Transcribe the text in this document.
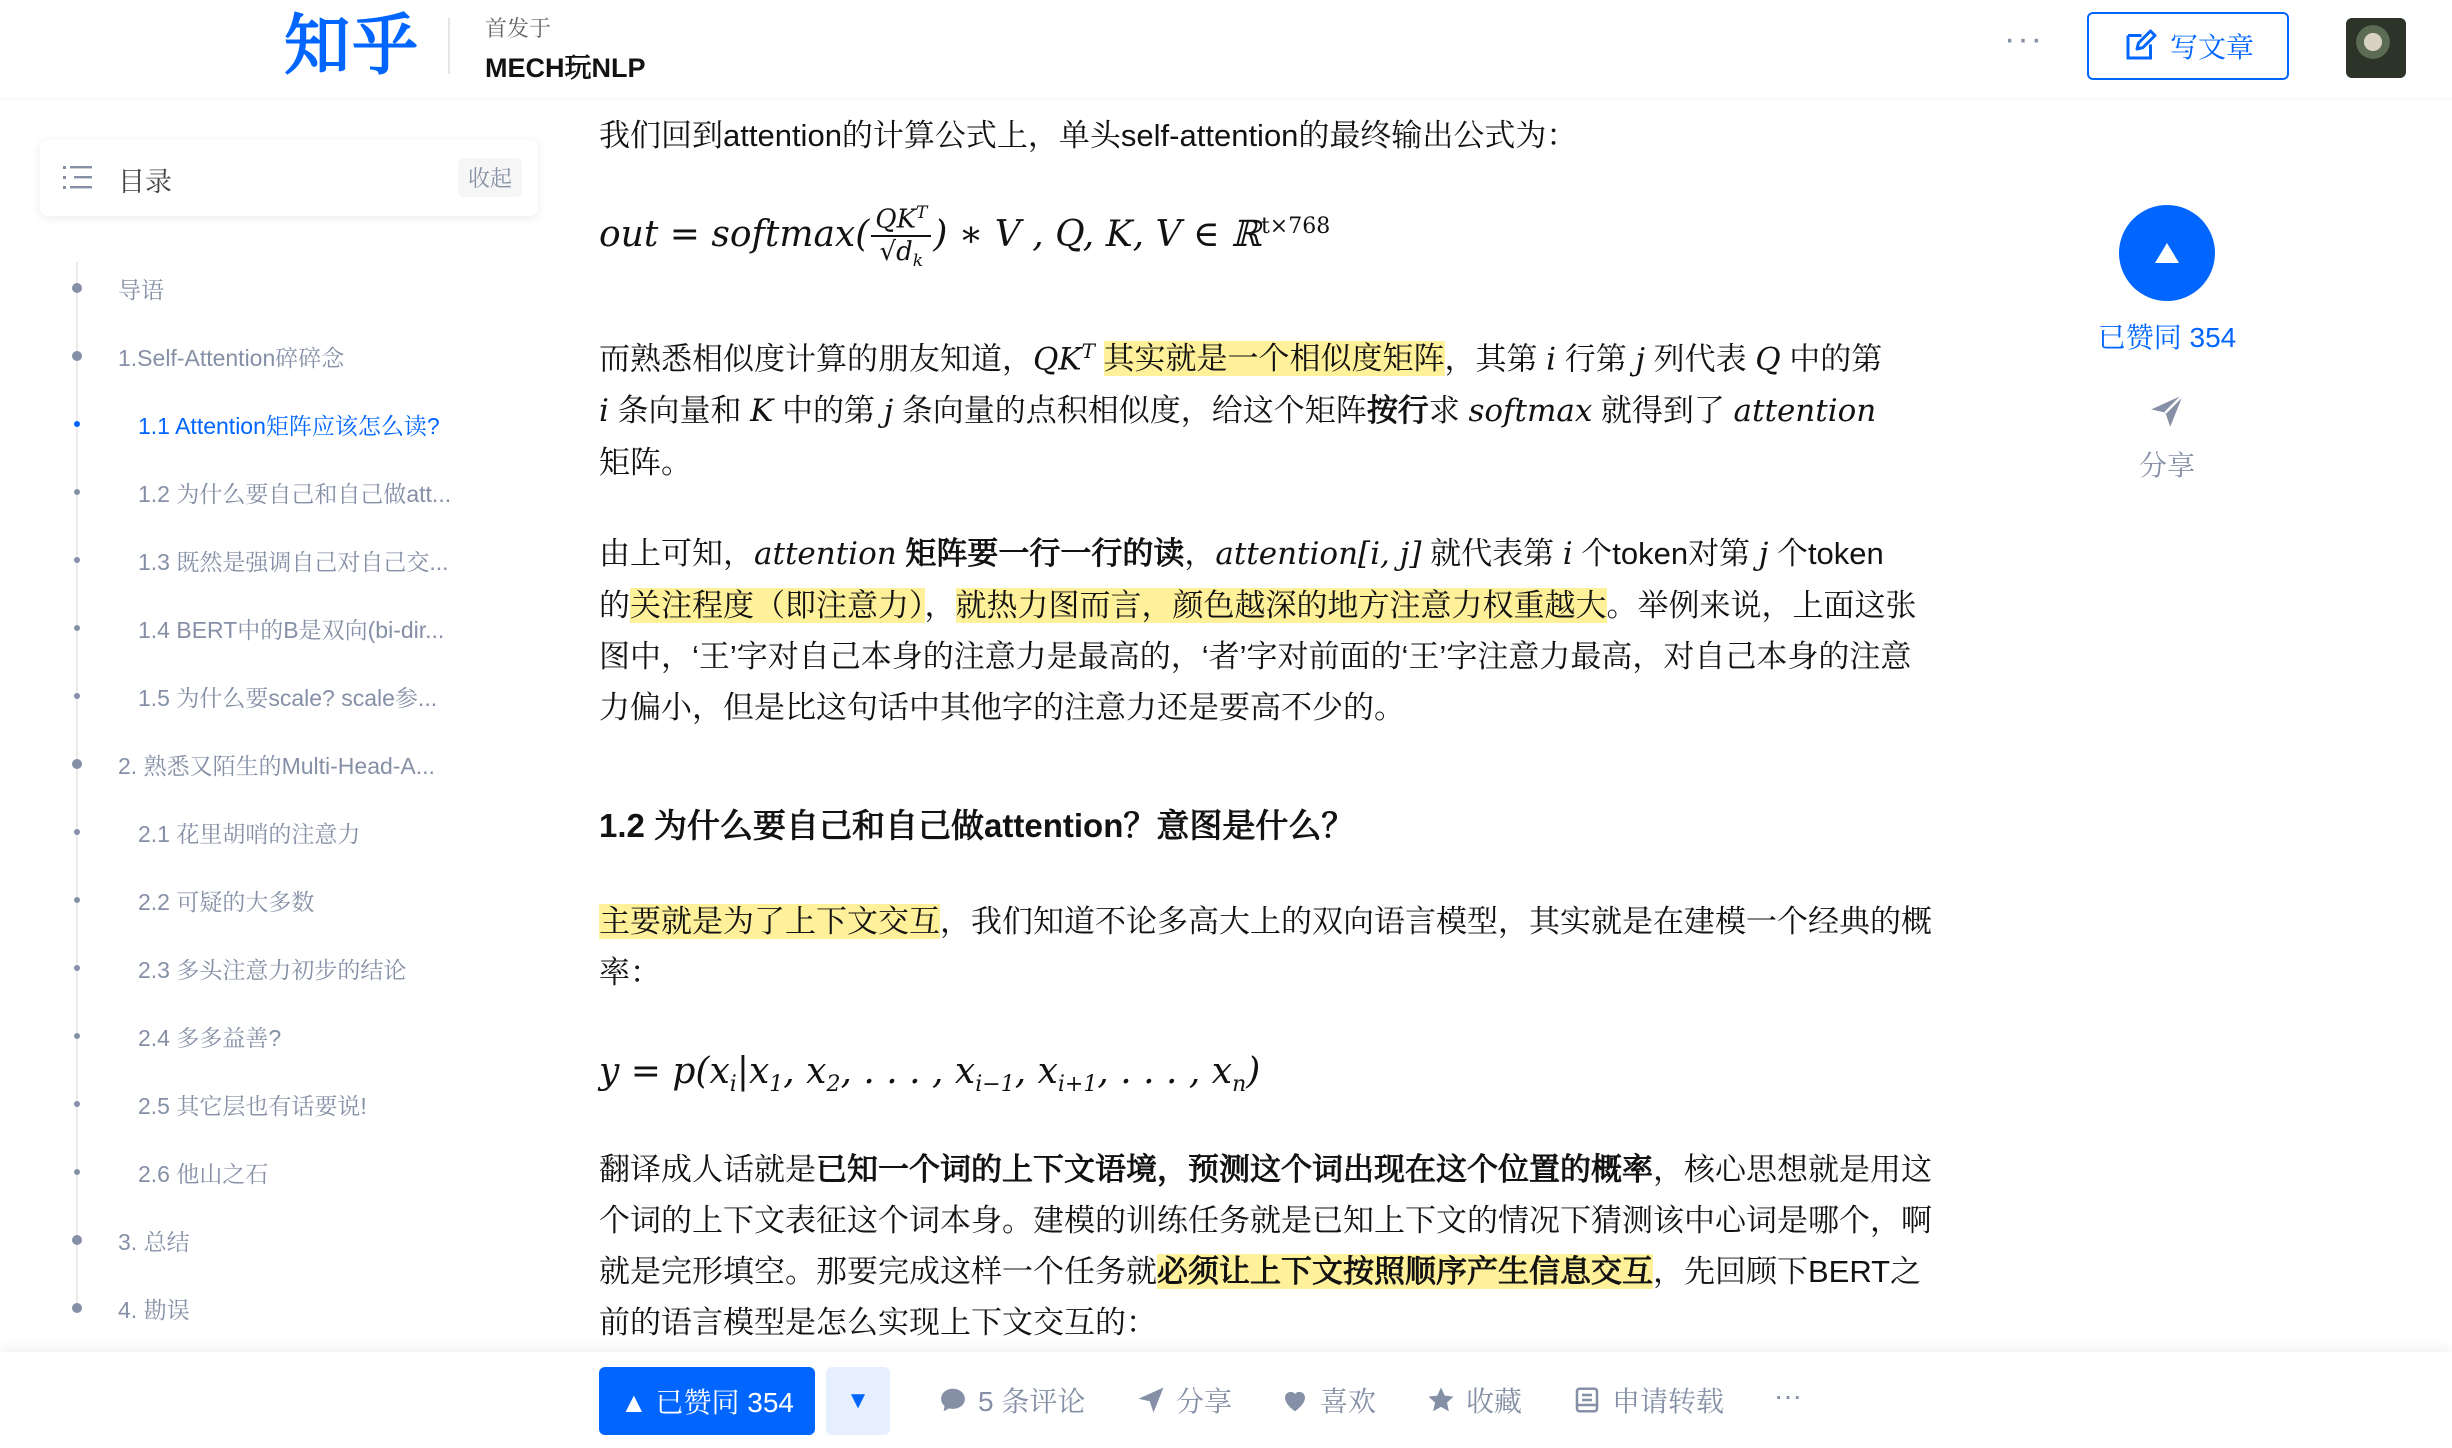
知乎	首发于
MECH玩NLP
···	写文章
目录	收起
导语
1.Self-Attention碎碎念
1.1 Attention矩阵应该怎么读?
1.2 为什么要自己和自己做att...
1.3 既然是强调自己对自己交...
1.4 BERT中的B是双向(bi-dir...
1.5 为什么要scale? scale参...
2. 熟悉又陌生的Multi-Head-A...
2.1 花里胡哨的注意力
2.2 可疑的大多数
2.3 多头注意力初步的结论
2.4 多多益善?
2.5 其它层也有话要说!
2.6 他山之石
3. 总结
4. 勘误
我们回到attention的计算公式上，单头self-attention的最终输出公式为：
out = softmax( $QK^T$
$√d_k$
) ∗ V , Q, K, V ∈ ℝ$^{t\times 768}$
而熟悉相似度计算的朋友知道，$QK^T$ 其实就是一个相似度矩阵，其第 i 行第 j 列代表 Q 中的第
i 条向量和 K 中的第 j 条向量的点积相似度，给这个矩阵按行求 softmax 就得到了 attention
矩阵。
由上可知，attention 矩阵要一行一行的读，attention[i, j] 就代表第 i 个token对第 j 个token
的关注程度（即注意力），就热力图而言，颜色越深的地方注意力权重越大。举例来说，上面这张
图中，‘王’字对自己本身的注意力是最高的，‘者’字对前面的‘王’字注意力最高，对自己本身的注意
力偏小，但是比这句话中其他字的注意力还是要高不少的。
1.2 为什么要自己和自己做attention？意图是什么？
主要就是为了上下文交互，我们知道不论多高大上的双向语言模型，其实就是在建模一个经典的概
率：
$y = p(x_i|x_1$, $x_2$, . . . , $x_{i-1}$, $x_{i+1}$, . . . , $x_n$)
翻译成人话就是已知一个词的上下文语境，预测这个词出现在这个位置的概率，核心思想就是用这
个词的上下文表征这个词本身。建模的训练任务就是已知上下文的情况下猜测该中心词是哪个，啊
就是完形填空。那要完成这样一个任务就必须让上下文按照顺序产生信息交互，先回顾下BERT之
前的语言模型是怎么实现上下文交互的：
已赞同 354
分享
▲ 已赞同 354	▼	5 条评论	分享	喜欢	收藏	申请转载 ···
